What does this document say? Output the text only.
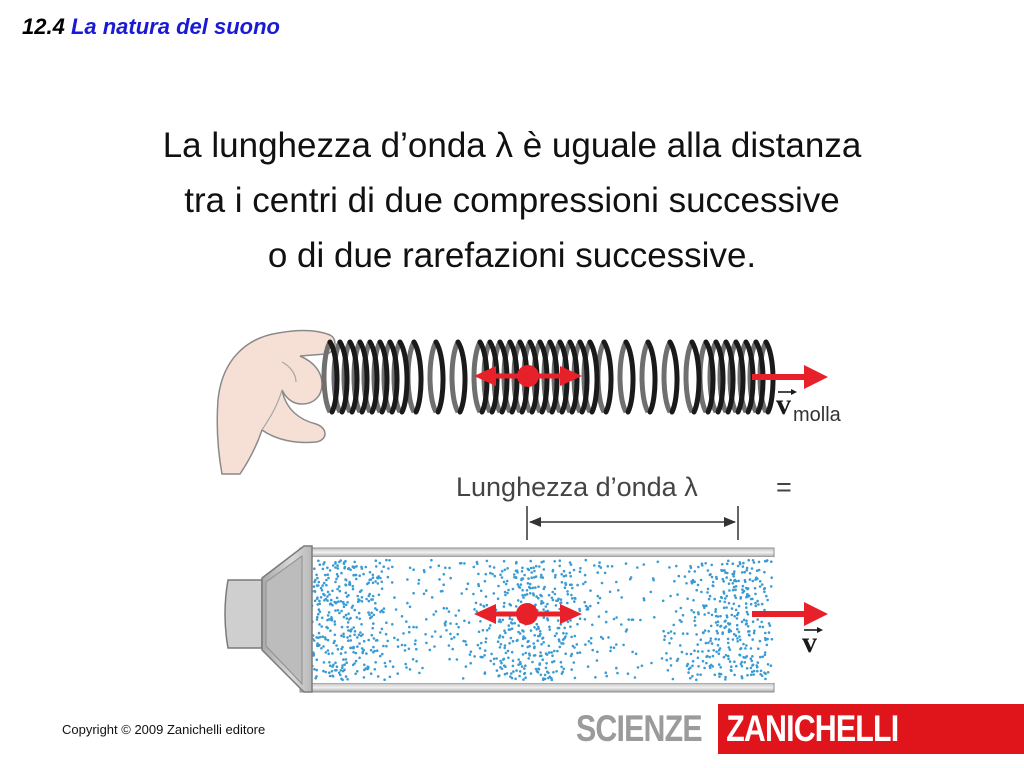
12.4 La natura del suono
La lunghezza d’onda λ è uguale alla distanza
tra i centri di due compressioni successive
o di due rarefazioni successive.
v molla
Lunghezza d’onda λ	=
v
Copyright © 2009 Zanichelli editore	SCIENZE ZANICHELLI
